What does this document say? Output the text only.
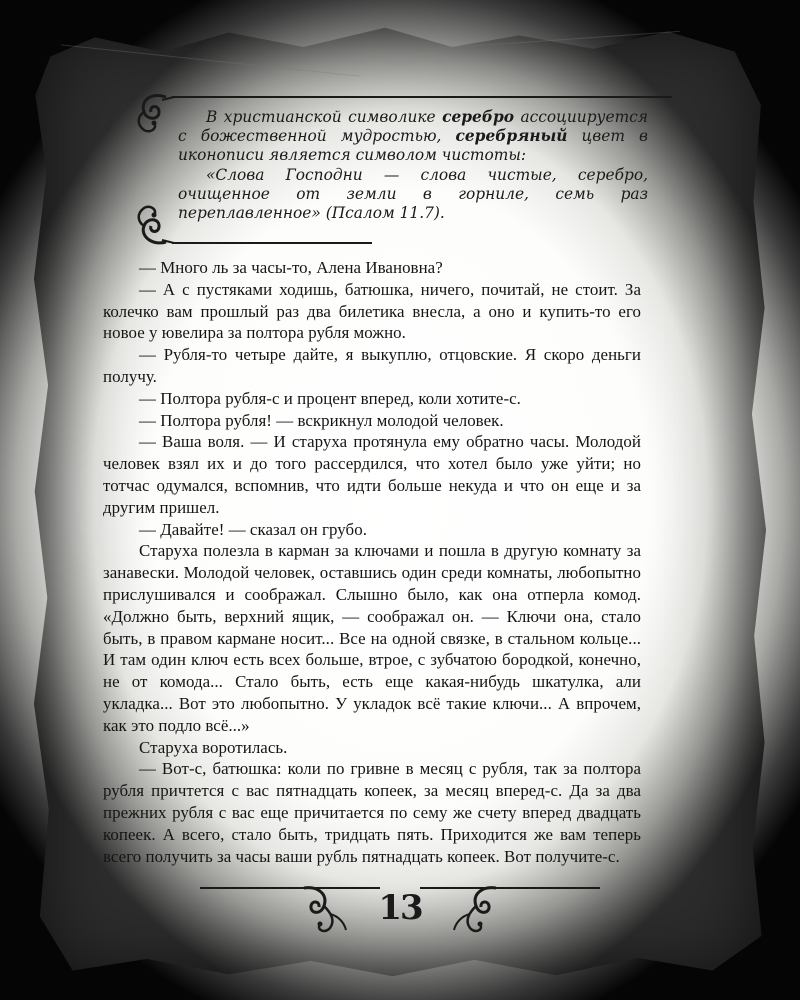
В христианской символике серебро ассоциируется с божественной мудростью, серебряный цвет в иконописи является символом чистоты:

«Слова Господни — слова чистые, серебро, очищенное от земли в горниле, семь раз переплавленное» (Псалом 11.7).

— Много ль за часы-то, Алена Ивановна?

— А с пустяками ходишь, батюшка, ничего, почитай, не стоит. За колечко вам прошлый раз два билетика внесла, а оно и купить-то его новое у ювелира за полтора рубля можно.

— Рубля-то четыре дайте, я выкуплю, отцовские. Я скоро деньги получу.

— Полтора рубля-с и процент вперед, коли хотите-с.

— Полтора рубля! — вскрикнул молодой человек.

— Ваша воля. — И старуха протянула ему обратно часы. Молодой человек взял их и до того рассердился, что хотел было уже уйти; но тотчас одумался, вспомнив, что идти больше некуда и что он еще и за другим пришел.

— Давайте! — сказал он грубо.

Старуха полезла в карман за ключами и пошла в другую комнату за занавески. Молодой человек, оставшись один среди комнаты, любопытно прислушивался и соображал. Слышно было, как она отперла комод. «Должно быть, верхний ящик, — соображал он. — Ключи она, стало быть, в правом кармане носит... Все на одной связке, в стальном кольце... И там один ключ есть всех больше, втрое, с зубчатою бородкой, конечно, не от комода... Стало быть, есть еще какая-нибудь шкатулка, али укладка... Вот это любопытно. У укладок всё такие ключи... А впрочем, как это подло всё...»

Старуха воротилась.

— Вот-с, батюшка: коли по гривне в месяц с рубля, так за полтора рубля причтется с вас пятнадцать копеек, за месяц вперед-с. Да за два прежних рубля с вас еще причитается по сему же счету вперед двадцать копеек. А всего, стало быть, тридцать пять. Приходится же вам теперь всего получить за часы ваши рубль пятнадцать копеек. Вот получите-с.

13
